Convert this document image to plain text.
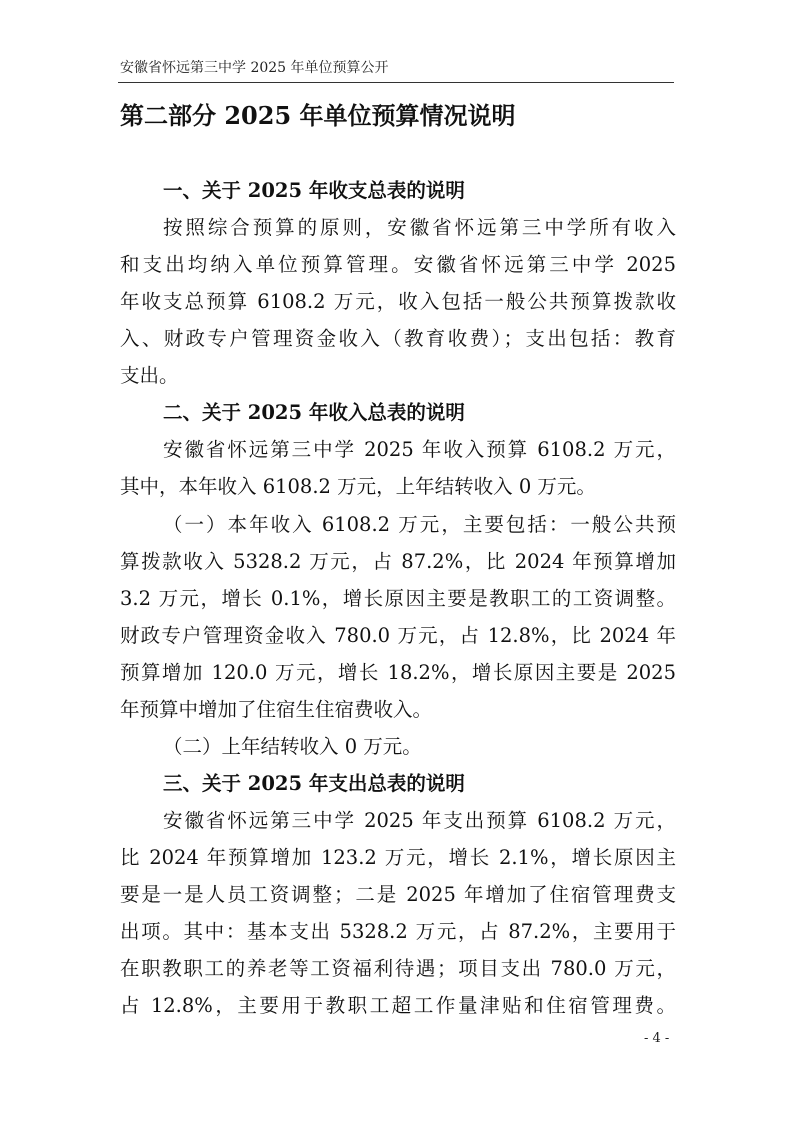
安徽省怀远第三中学 2025 年单位预算公开
第二部分 2025 年单位预算情况说明
一、关于 2025 年收支总表的说明
按照综合预算的原则，安徽省怀远第三中学所有收入
和支出均纳入单位预算管理。安徽省怀远第三中学 2025
年收支总预算 6108.2 万元，收入包括一般公共预算拨款收
入、财政专户管理资金收入（教育收费）；支出包括：教育
支出。
二、关于 2025 年收入总表的说明
安徽省怀远第三中学 2025 年收入预算 6108.2 万元，
其中，本年收入 6108.2 万元，上年结转收入 0 万元。
（一）本年收入 6108.2 万元，主要包括：一般公共预
算拨款收入 5328.2 万元，占 87.2%，比 2024 年预算增加
3.2 万元，增长 0.1%，增长原因主要是教职工的工资调整。
财政专户管理资金收入 780.0 万元，占 12.8%，比 2024 年
预算增加 120.0 万元，增长 18.2%，增长原因主要是 2025
年预算中增加了住宿生住宿费收入。
（二）上年结转收入 0 万元。
三、关于 2025 年支出总表的说明
安徽省怀远第三中学 2025 年支出预算 6108.2 万元，
比 2024 年预算增加 123.2 万元，增长 2.1%，增长原因主
要是一是人员工资调整；二是 2025 年增加了住宿管理费支
出项。其中：基本支出 5328.2 万元，占 87.2%，主要用于
在职教职工的养老等工资福利待遇；项目支出 780.0 万元，
占 12.8%，主要用于教职工超工作量津贴和住宿管理费。
- 4 -
